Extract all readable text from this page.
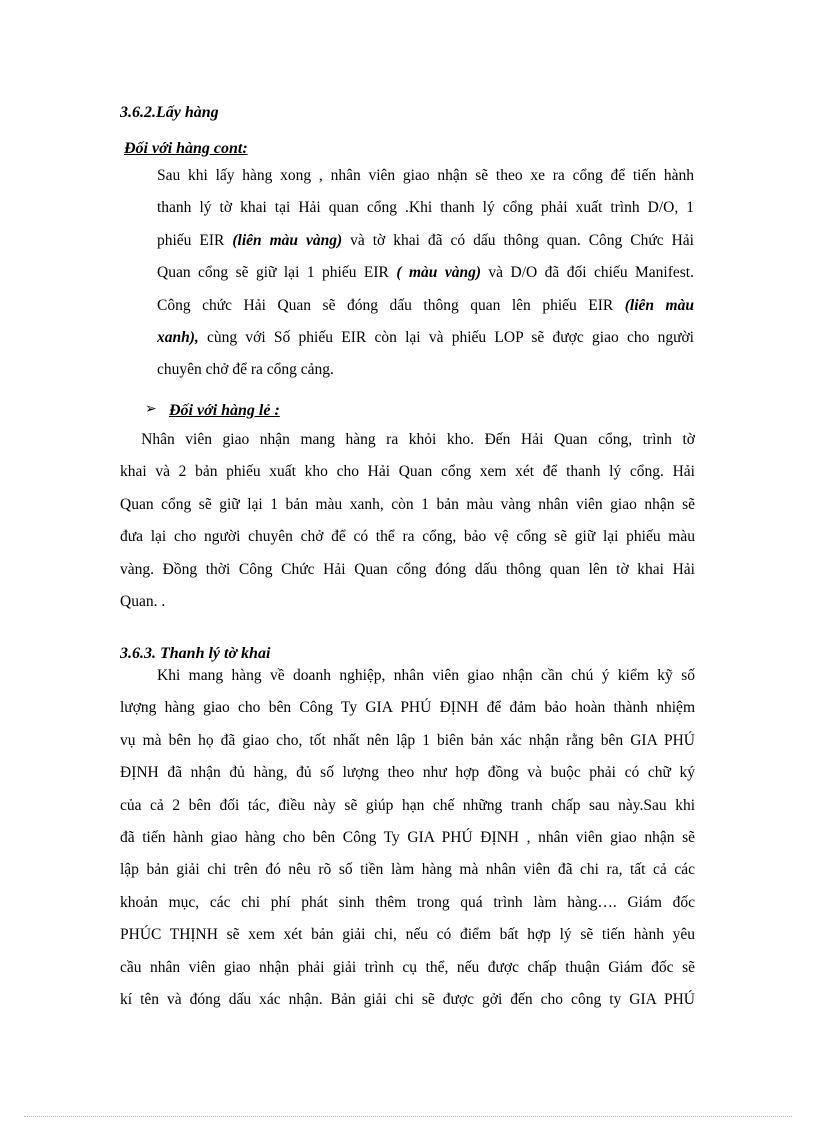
3.6.2.Lấy hàng

Đối với hàng cont:

Sau khi lấy hàng xong , nhân viên giao nhận sẽ theo xe ra cổng để tiến hành
thanh lý tờ khai tại Hải quan cổng .Khi thanh lý cổng phải xuất trình D/O, 1
phiếu EIR (liên màu vàng) và tờ khai đã có dấu thông quan. Công Chức Hải
Quan cổng sẽ giữ lại 1 phiếu EIR ( màu vàng) và D/O đã đối chiếu Manifest.
Công chức Hải Quan sẽ đóng dấu thông quan lên phiếu EIR (liên màu
xanh), cùng với Số phiếu EIR còn lại và phiếu LOP sẽ được giao cho người
chuyên chở để ra cổng cảng.
➢ Đối với hàng lẻ :

Nhân viên giao nhận mang hàng ra khỏi kho. Đến Hải Quan cổng, trình tờ
khai và 2 bản phiếu xuất kho cho Hải Quan cổng xem xét để thanh lý cổng. Hải
Quan cổng sẽ giữ lại 1 bản màu xanh, còn 1 bản màu vàng nhân viên giao nhận sẽ
đưa lại cho người chuyên chở để có thể ra cổng, bảo vệ cổng sẽ giữ lại phiếu màu
vàng. Đồng thời Công Chức Hải Quan cổng đóng dấu thông quan lên tờ khai Hải
Quan. .

3.6.3. Thanh lý tờ khai

Khi mang hàng về doanh nghiệp, nhân viên giao nhận cần chú ý kiểm kỹ số
lượng hàng giao cho bên Công Ty GIA PHÚ ĐỊNH để đảm bảo hoàn thành nhiệm
vụ mà bên họ đã giao cho, tốt nhất nên lập 1 biên bản xác nhận rằng bên GIA PHÚ
ĐỊNH đã nhận đủ hàng, đủ số lượng theo như hợp đồng và buộc phải có chữ ký
của cả 2 bên đối tác, điều này sẽ giúp hạn chế những tranh chấp sau này.Sau khi
đã tiến hành giao hàng cho bên Công Ty GIA PHÚ ĐỊNH , nhân viên giao nhận sẽ
lập bản giải chi trên đó nêu rõ số tiền làm hàng mà nhân viên đã chi ra, tất cả các
khoản mục, các chi phí phát sinh thêm trong quá trình làm hàng…. Giám đốc
PHÚC THỊNH sẽ xem xét bản giải chi, nếu có điểm bất hợp lý sẽ tiến hành yêu
cầu nhân viên giao nhận phải giải trình cụ thể, nếu được chấp thuận Giám đốc sẽ
kí tên và đóng dấu xác nhận. Bản giải chi sẽ được gởi đến cho công ty GIA PHÚ
